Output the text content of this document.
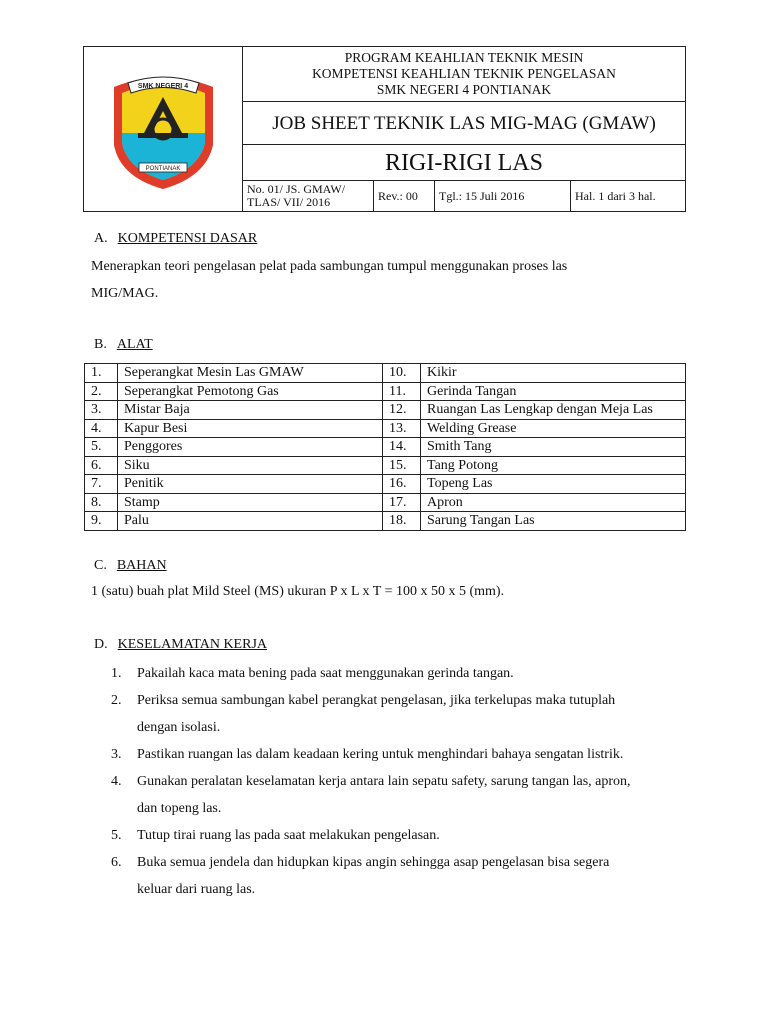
SMK NEGERI 4
PONTIANAK
PROGRAM KEAHLIAN TEKNIK MESIN
KOMPETENSI KEAHLIAN TEKNIK PENGELASAN
SMK NEGERI 4 PONTIANAK
JOB SHEET TEKNIK LAS MIG-MAG (GMAW)
RIGI-RIGI LAS
No. 01/ JS. GMAW/
TLAS/ VII/ 2016	Rev.: 00	Tgl.: 15 Juli 2016	Hal. 1 dari 3 hal.
A. KOMPETENSI DASAR
Menerapkan teori pengelasan pelat pada sambungan tumpul menggunakan proses las
MIG/MAG.
B. ALAT
1.	Seperangkat Mesin Las GMAW	10.	Kikir
2.	Seperangkat Pemotong Gas	11.	Gerinda Tangan
3.	Mistar Baja	12.	Ruangan Las Lengkap dengan Meja Las
4.	Kapur Besi	13.	Welding Grease
5.	Penggores	14.	Smith Tang
6.	Siku	15.	Tang Potong
7.	Penitik	16.	Topeng Las
8.	Stamp	17.	Apron
9.	Palu	18.	Sarung Tangan Las
C. BAHAN
1 (satu) buah plat Mild Steel (MS) ukuran P x L x T = 100 x 50 x 5 (mm).
D. KESELAMATAN KERJA
1. Pakailah kaca mata bening pada saat menggunakan gerinda tangan.
2. Periksa semua sambungan kabel perangkat pengelasan, jika terkelupas maka tutuplah
dengan isolasi.
3. Pastikan ruangan las dalam keadaan kering untuk menghindari bahaya sengatan listrik.
4. Gunakan peralatan keselamatan kerja antara lain sepatu safety, sarung tangan las, apron,
dan topeng las.
5. Tutup tirai ruang las pada saat melakukan pengelasan.
6. Buka semua jendela dan hidupkan kipas angin sehingga asap pengelasan bisa segera
keluar dari ruang las.
